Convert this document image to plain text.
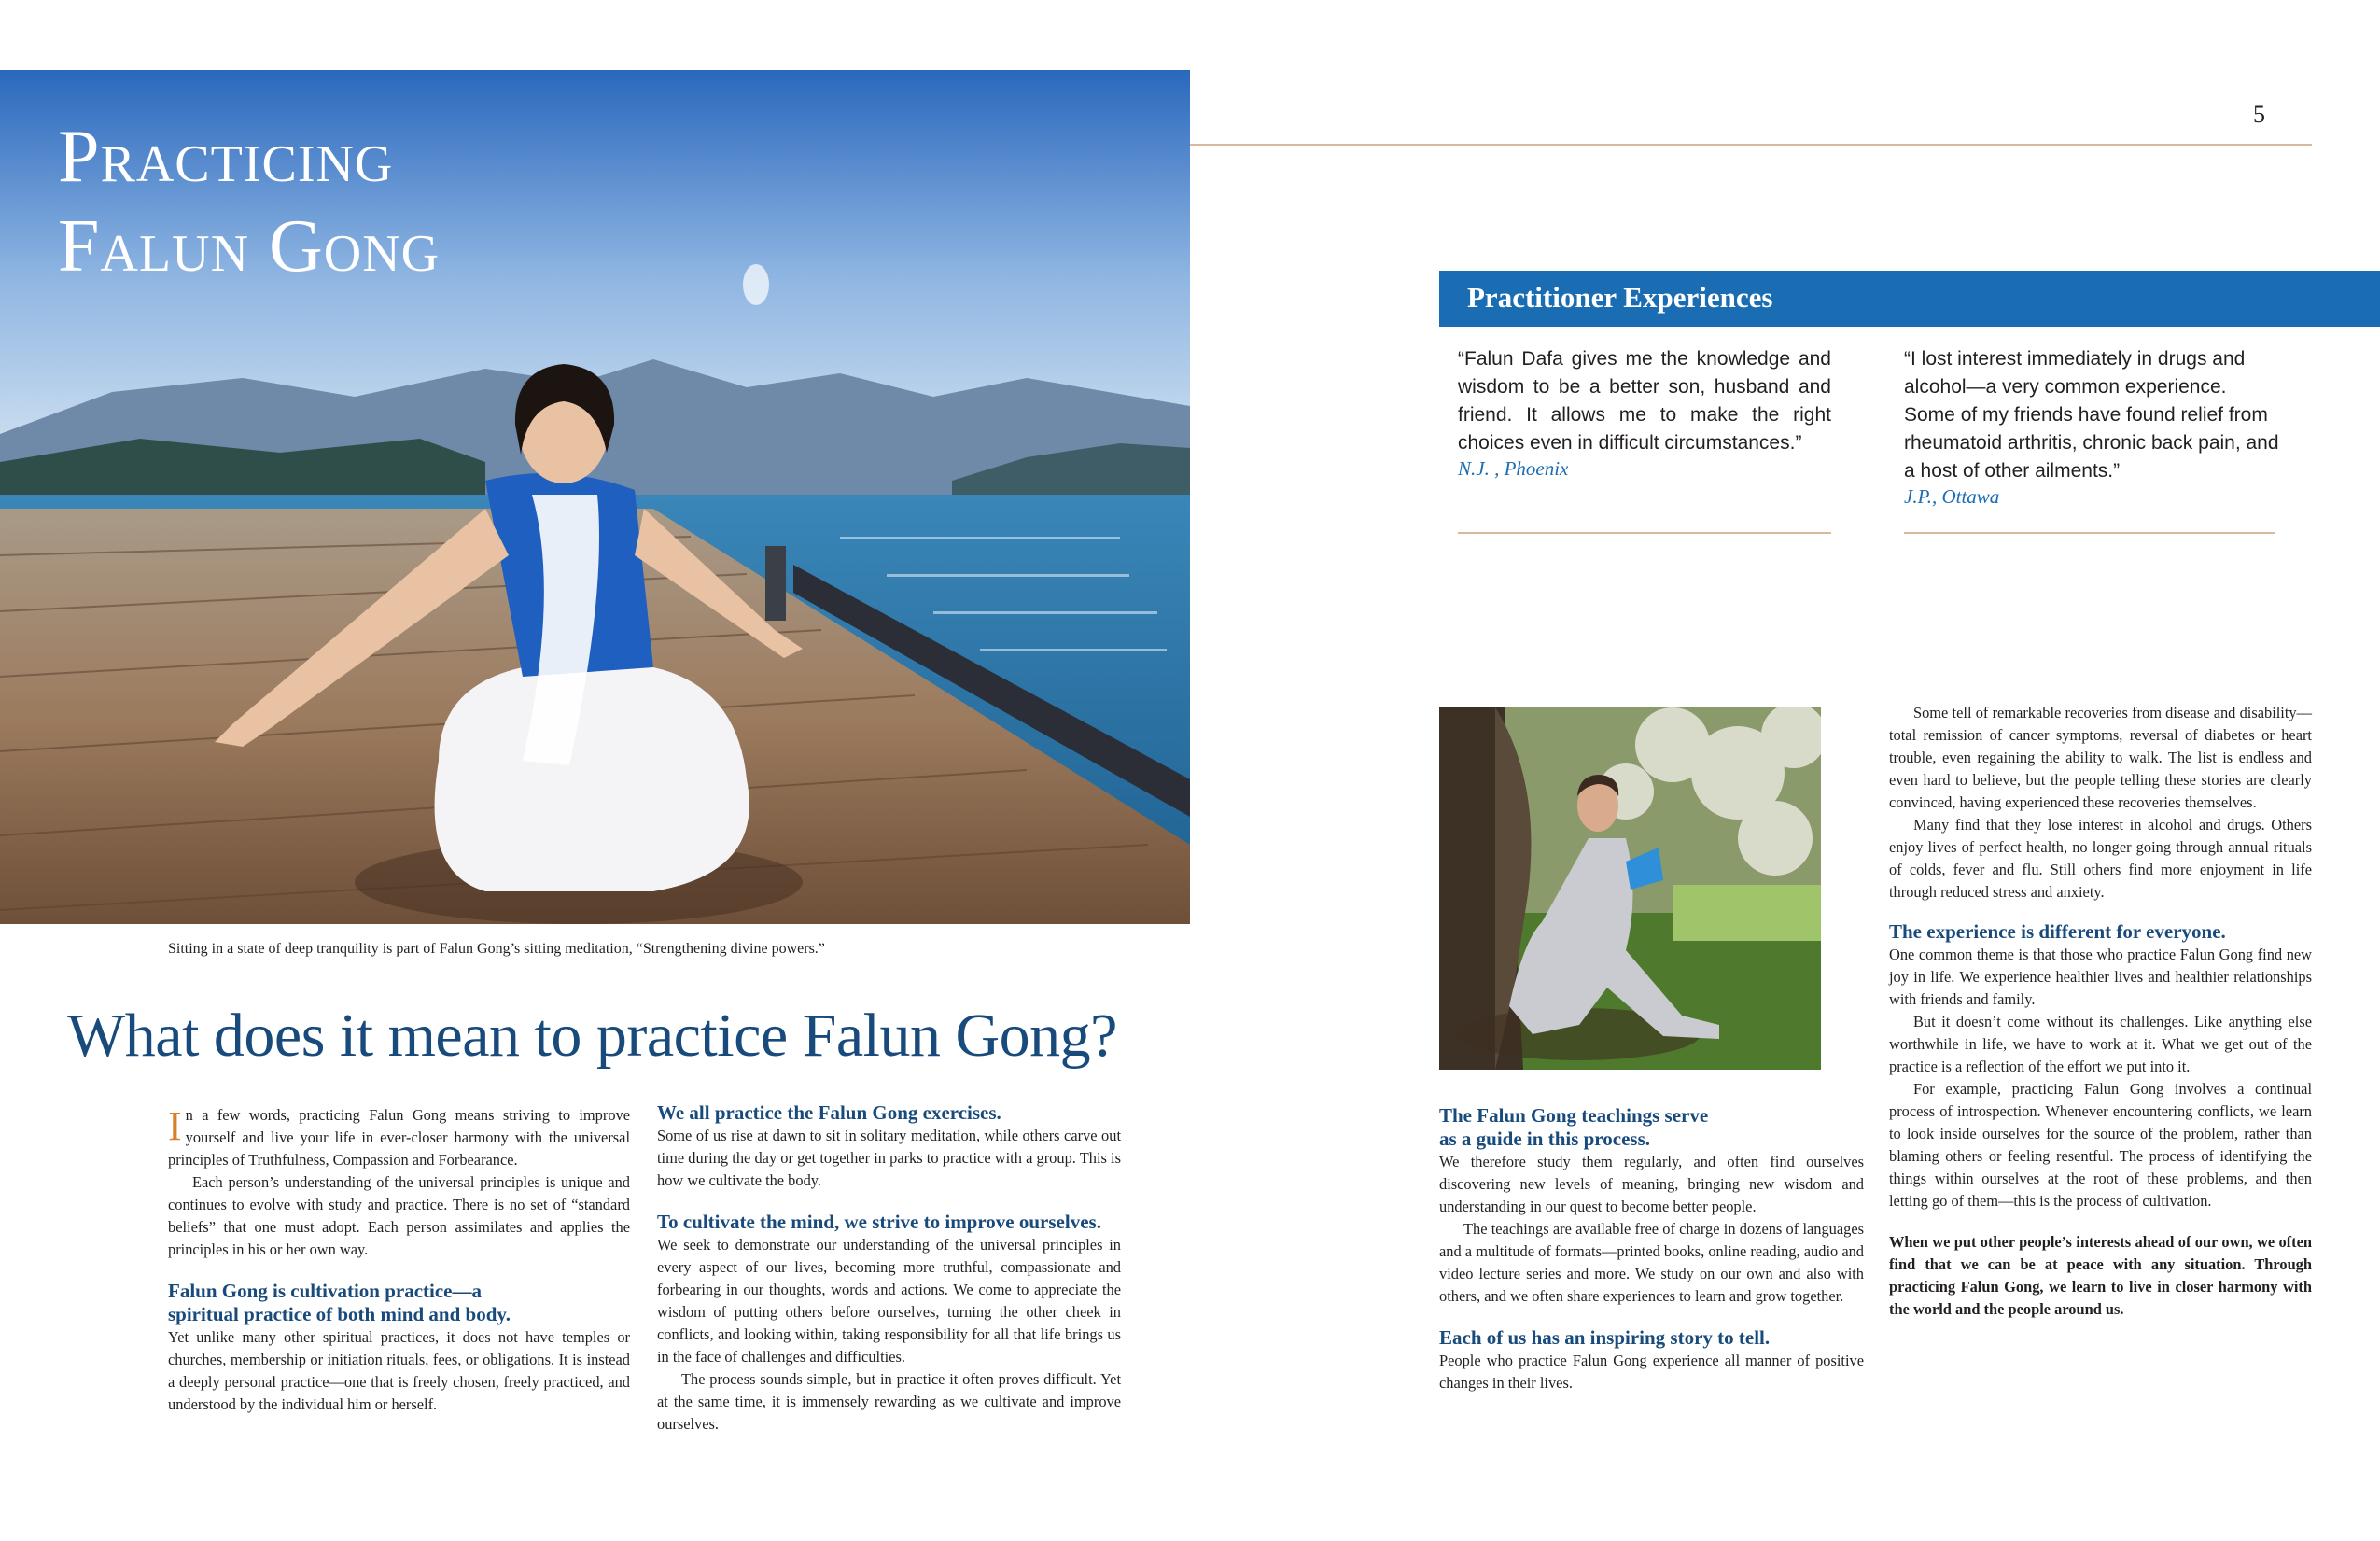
Practicing
Falun Gong
Sitting in a state of deep tranquility is part of Falun Gong’s sitting meditation, “Strengthening divine powers.”
What does it mean to practice Falun Gong?

In a few words, practicing Falun Gong means striving to improve yourself and live your life in ever-closer harmony with the universal principles of Truthfulness, Compassion and Forbearance.

Each person’s understanding of the universal principles is unique and continues to evolve with study and practice. There is no set of “standard beliefs” that one must adopt. Each person assimilates and applies the principles in his or her own way.

Falun Gong is cultivation practice—a
spiritual practice of both mind and body.

Yet unlike many other spiritual practices, it does not have temples or churches, membership or initiation rituals, fees, or obligations. It is instead a deeply personal practice—one that is freely chosen, freely practiced, and understood by the individual him or herself.

We all practice the Falun Gong exercises.

Some of us rise at dawn to sit in solitary meditation, while others carve out time during the day or get together in parks to practice with a group. This is how we cultivate the body.

To cultivate the mind, we strive to improve ourselves.

We seek to demonstrate our understanding of the universal principles in every aspect of our lives, becoming more truthful, compassionate and forbearing in our thoughts, words and actions. We come to appreciate the wisdom of putting others before ourselves, turning the other cheek in conflicts, and looking within, taking responsibility for all that life brings us in the face of challenges and difficulties.

The process sounds simple, but in practice it often proves difficult. Yet at the same time, it is immensely rewarding as we cultivate and improve ourselves.

5
Practitioner Experiences
“Falun Dafa gives me the knowledge and wisdom to be a better son, husband and friend. It allows me to make the right choices even in difficult circumstances.”
N.J. , Phoenix
“I lost interest immediately in drugs and alcohol—a very common experience. Some of my friends have found relief from rheumatoid arthritis, chronic back pain, and a host of other ailments.”
J.P., Ottawa
The Falun Gong teachings serve
as a guide in this process.

We therefore study them regularly, and often find ourselves discovering new levels of meaning, bringing new wisdom and understanding in our quest to become better people.

The teachings are available free of charge in dozens of languages and a multitude of formats—printed books, online reading, audio and video lecture series and more. We study on our own and also with others, and we often share experiences to learn and grow together.

Each of us has an inspiring story to tell.

People who practice Falun Gong experience all manner of positive changes in their lives.

Some tell of remarkable recoveries from disease and disability—total remission of cancer symptoms, reversal of diabetes or heart trouble, even regaining the ability to walk. The list is endless and even hard to believe, but the people telling these stories are clearly convinced, having experienced these recoveries themselves.

Many find that they lose interest in alcohol and drugs. Others enjoy lives of perfect health, no longer going through annual rituals of colds, fever and flu. Still others find more enjoyment in life through reduced stress and anxiety.

The experience is different for everyone.

One common theme is that those who practice Falun Gong find new joy in life. We experience healthier lives and healthier relationships with friends and family.

But it doesn’t come without its challenges. Like anything else worthwhile in life, we have to work at it. What we get out of the practice is a reflection of the effort we put into it.

For example, practicing Falun Gong involves a continual process of introspection. Whenever encountering conflicts, we learn to look inside ourselves for the source of the problem, rather than blaming others or feeling resentful. The process of identifying the things within ourselves at the root of these problems, and then letting go of them—this is the process of cultivation.

When we put other people’s interests ahead of our own, we often find that we can be at peace with any situation. Through practicing Falun Gong, we learn to live in closer harmony with the world and the people around us.
